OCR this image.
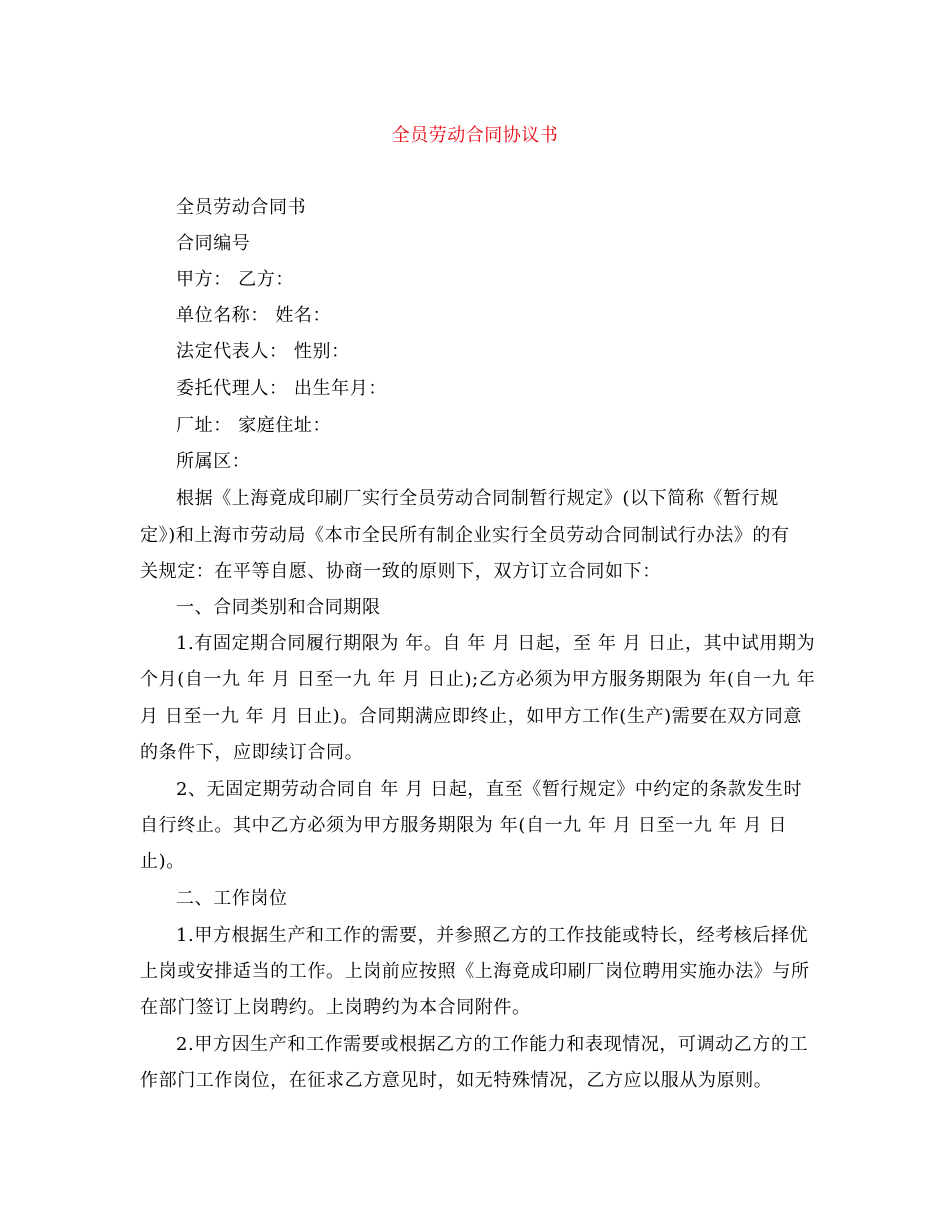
全员劳动合同协议书
全员劳动合同书
合同编号
甲方： 乙方：
单位名称： 姓名：
法定代表人： 性别：
委托代理人： 出生年月：
厂址： 家庭住址：
所属区：
根据《上海竟成印刷厂实行全员劳动合同制暂行规定》(以下简称《暂行规
定》)和上海市劳动局《本市全民所有制企业实行全员劳动合同制试行办法》的有
关规定：在平等自愿、协商一致的原则下，双方订立合同如下：
一、合同类别和合同期限
1.有固定期合同履行期限为 年。自 年 月 日起，至 年 月 日止，其中试用期为
个月(自一九 年 月 日至一九 年 月 日止);乙方必须为甲方服务期限为 年(自一九 年
月 日至一九 年 月 日止)。合同期满应即终止，如甲方工作(生产)需要在双方同意
的条件下，应即续订合同。
2、无固定期劳动合同自 年 月 日起，直至《暂行规定》中约定的条款发生时
自行终止。其中乙方必须为甲方服务期限为 年(自一九 年 月 日至一九 年 月 日
止)。
二、工作岗位
1.甲方根据生产和工作的需要，并参照乙方的工作技能或特长，经考核后择优
上岗或安排适当的工作。上岗前应按照《上海竟成印刷厂岗位聘用实施办法》与所
在部门签订上岗聘约。上岗聘约为本合同附件。
2.甲方因生产和工作需要或根据乙方的工作能力和表现情况，可调动乙方的工
作部门工作岗位，在征求乙方意见时，如无特殊情况，乙方应以服从为原则。
